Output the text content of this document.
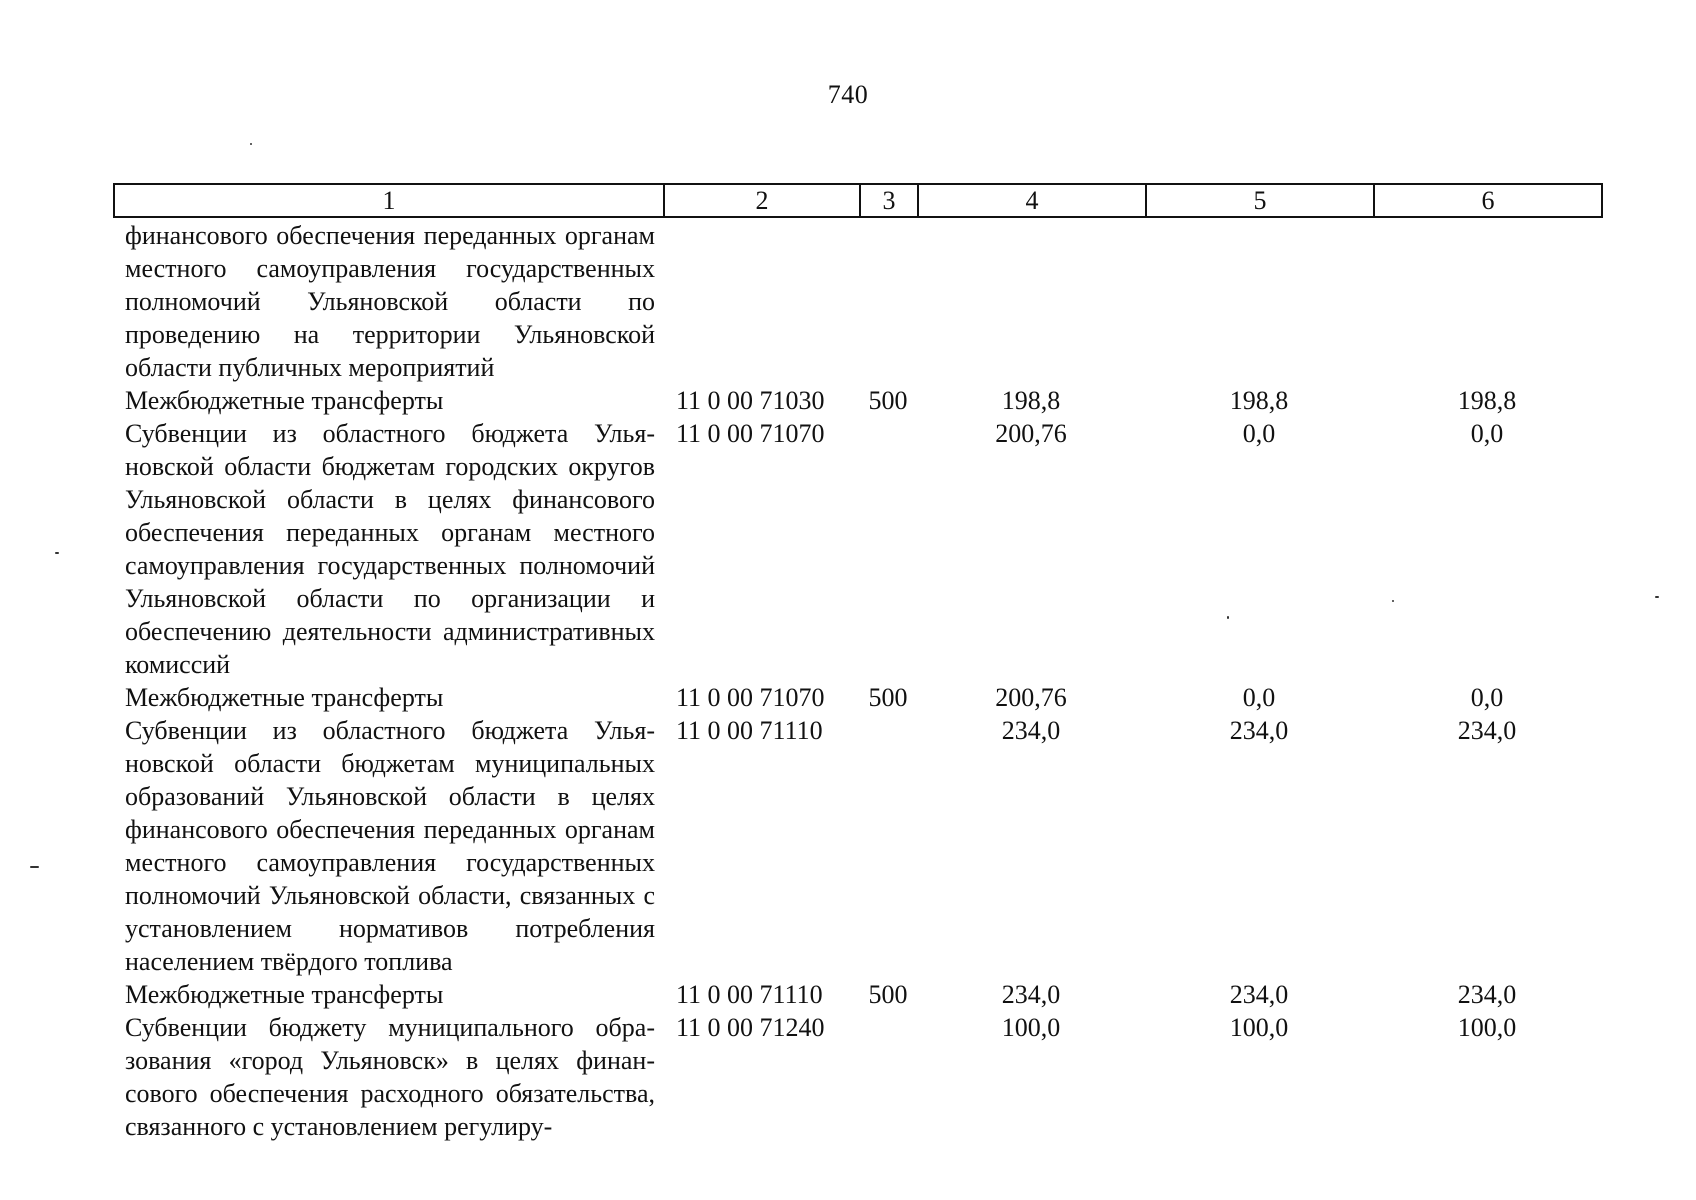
740
1	2	3	4	5	6
финансового обеспечения переданных органам местного самоуправления государственных полномочий Ульяновской области по проведению на территории Ульяновской области публичных мероприятий					

Межбюджетные трансферты	11 0 00 71030	500	198,8	198,8	198,8

Субвенции из областного бюджета Ульяновской области бюджетам городских округов Ульяновской области в целях финансового обеспечения переданных органам местного самоуправления государственных полномочий Ульяновской области по организации и обеспечению деятельности административных комиссий	11 0 00 71070		200,76	0,0	0,0

Межбюджетные трансферты	11 0 00 71070	500	200,76	0,0	0,0

Субвенции из областного бюджета Ульяновской области бюджетам муниципальных образований Ульяновской области в целях финансового обеспечения переданных органам местного самоуправления государственных полномочий Ульяновской области, связанных с установлением нормативов потребления населением твёрдого топлива	11 0 00 71110		234,0	234,0	234,0

Межбюджетные трансферты	11 0 00 71110	500	234,0	234,0	234,0

Субвенции бюджету муниципального образования «город Ульяновск» в целях финансового обеспечения расходного обязательства, связанного с установлением регулиру-	11 0 00 71240		100,0	100,0	100,0
